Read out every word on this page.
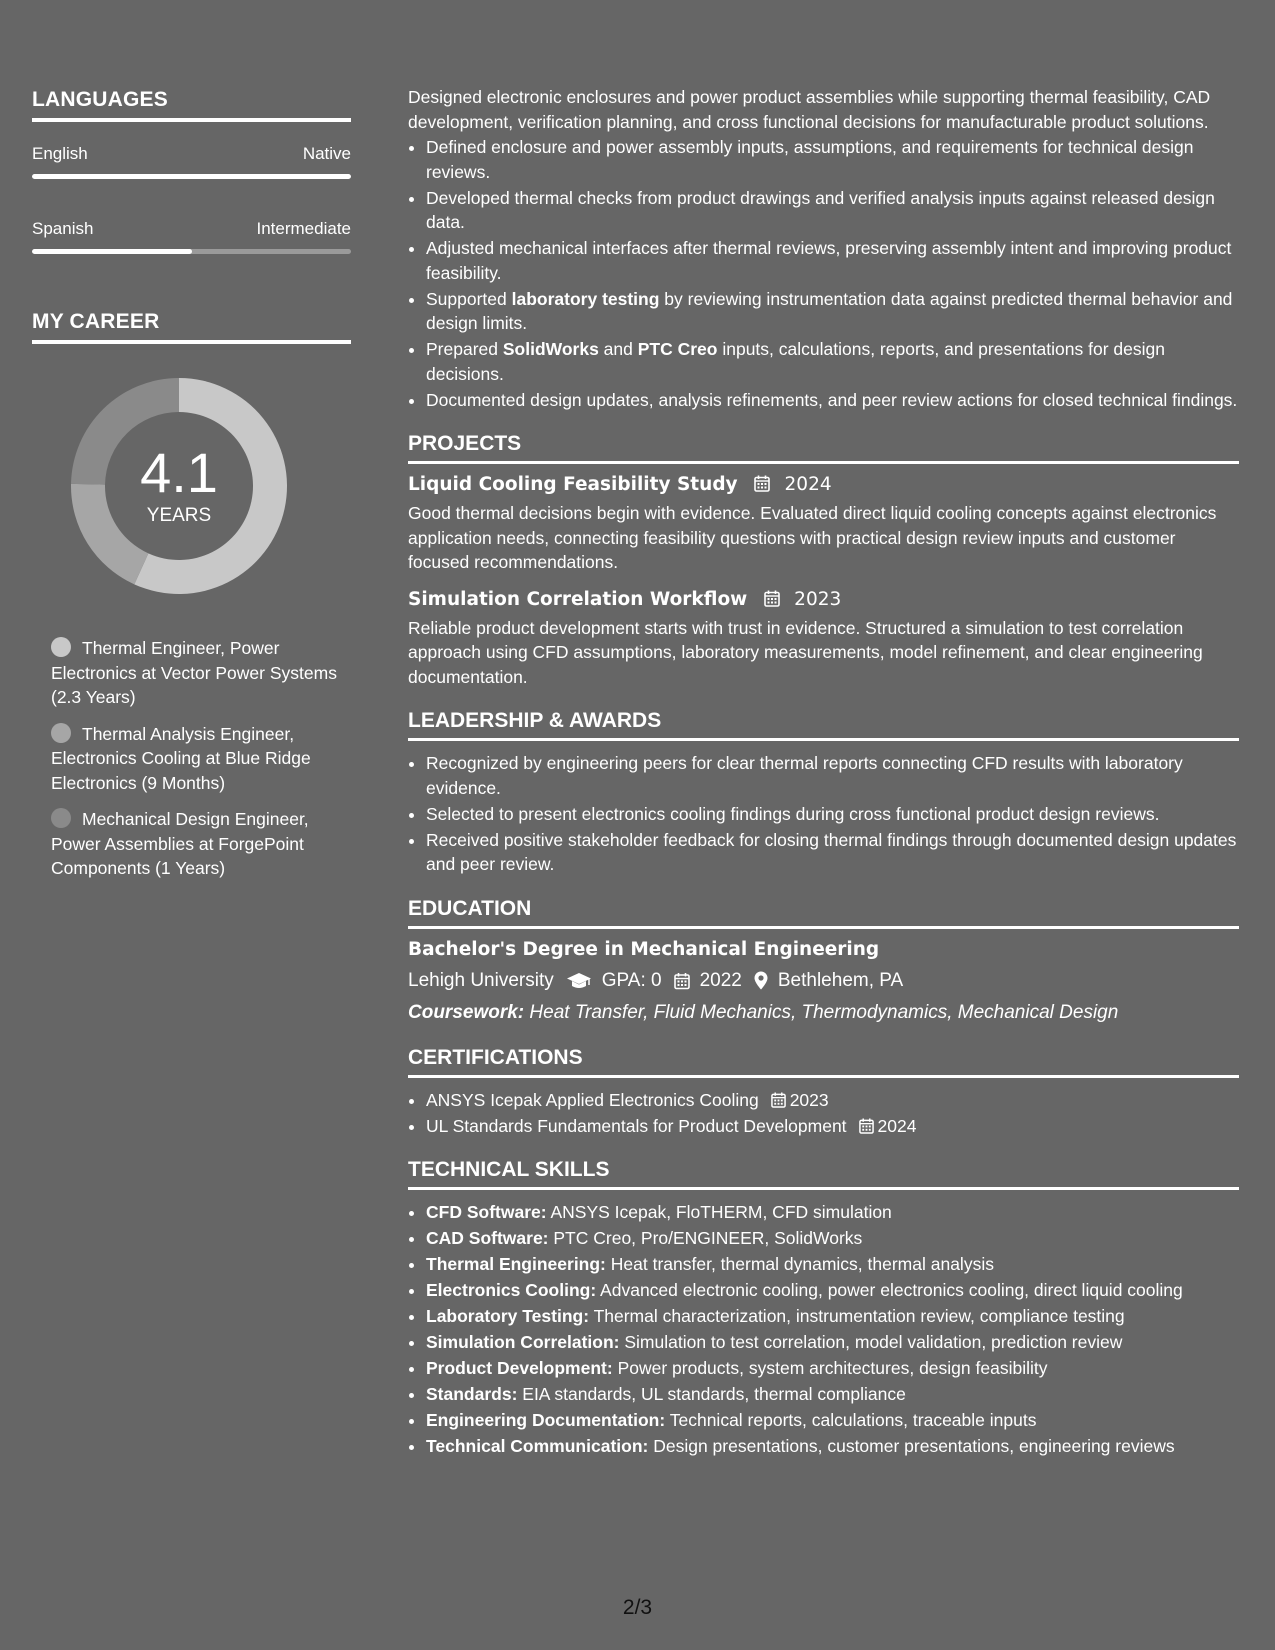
LANGUAGES
English	Native
Spanish	Intermediate
MY CAREER
4.1
YEARS
Thermal Engineer, Power Electronics at Vector Power Systems (2.3 Years)
Thermal Analysis Engineer, Electronics Cooling at Blue Ridge Electronics (9 Months)
Mechanical Design Engineer, Power Assemblies at ForgePoint Components (1 Years)

Designed electronic enclosures and power product assemblies while supporting thermal feasibility, CAD development, verification planning, and cross functional decisions for manufacturable product solutions.

• Defined enclosure and power assembly inputs, assumptions, and requirements for technical design reviews.
• Developed thermal checks from product drawings and verified analysis inputs against released design data.
• Adjusted mechanical interfaces after thermal reviews, preserving assembly intent and improving product feasibility.
• Supported laboratory testing by reviewing instrumentation data against predicted thermal behavior and design limits.
• Prepared SolidWorks and PTC Creo inputs, calculations, reports, and presentations for design decisions.
• Documented design updates, analysis refinements, and peer review actions for closed technical findings.
PROJECTS
Liquid Cooling Feasibility Study	2024

Good thermal decisions begin with evidence. Evaluated direct liquid cooling concepts against electronics application needs, connecting feasibility questions with practical design review inputs and customer focused recommendations.

Simulation Correlation Workflow	2023

Reliable product development starts with trust in evidence. Structured a simulation to test correlation approach using CFD assumptions, laboratory measurements, model refinement, and clear engineering documentation.

LEADERSHIP & AWARDS
• Recognized by engineering peers for clear thermal reports connecting CFD results with laboratory evidence.
• Selected to present electronics cooling findings during cross functional product design reviews.
• Received positive stakeholder feedback for closing thermal findings through documented design updates and peer review.
EDUCATION
Bachelor's Degree in Mechanical Engineering
Lehigh University	GPA: 0 2022 Bethlehem, PA
Coursework: Heat Transfer, Fluid Mechanics, Thermodynamics, Mechanical Design
CERTIFICATIONS
• ANSYS Icepak Applied Electronics Cooling 2023
• UL Standards Fundamentals for Product Development 2024
TECHNICAL SKILLS
• CFD Software: ANSYS Icepak, FloTHERM, CFD simulation
• CAD Software: PTC Creo, Pro/ENGINEER, SolidWorks
• Thermal Engineering: Heat transfer, thermal dynamics, thermal analysis
• Electronics Cooling: Advanced electronic cooling, power electronics cooling, direct liquid cooling
• Laboratory Testing: Thermal characterization, instrumentation review, compliance testing
• Simulation Correlation: Simulation to test correlation, model validation, prediction review
• Product Development: Power products, system architectures, design feasibility
• Standards: EIA standards, UL standards, thermal compliance
• Engineering Documentation: Technical reports, calculations, traceable inputs
• Technical Communication: Design presentations, customer presentations, engineering reviews
2/3
